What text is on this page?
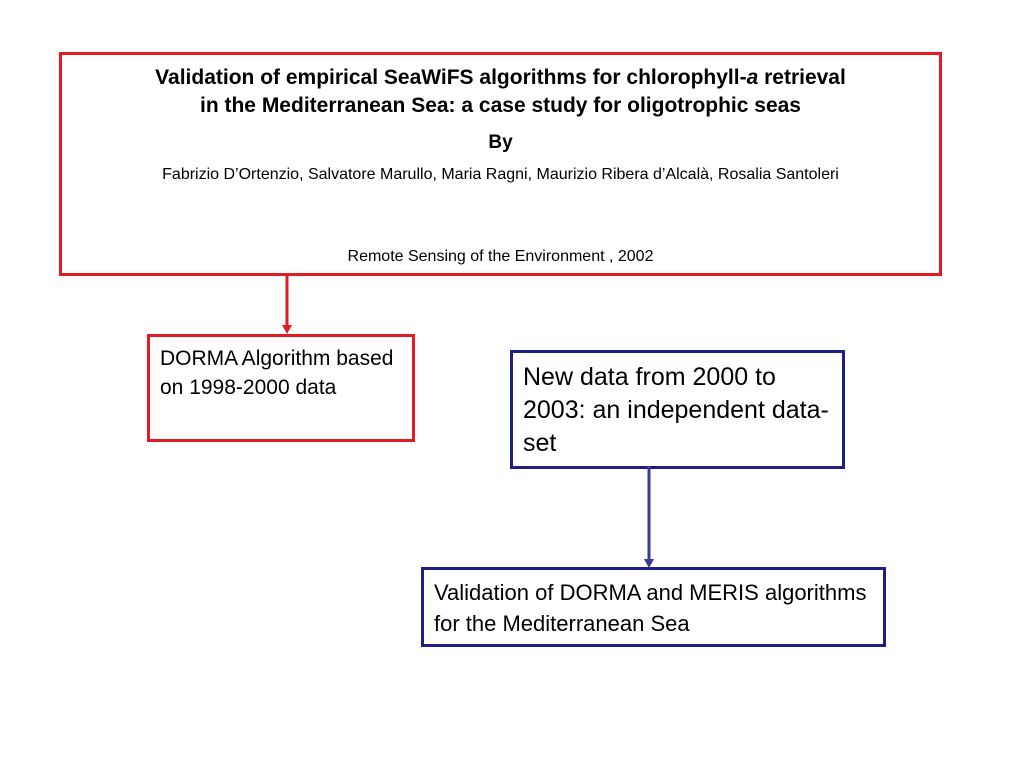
Validation of empirical SeaWiFS algorithms for chlorophyll-a retrieval
in the Mediterranean Sea: a case study for oligotrophic seas
By
Fabrizio D’Ortenzio, Salvatore Marullo, Maria Ragni, Maurizio Ribera d’Alcalà, Rosalia Santoleri
Remote Sensing of the Environment , 2002
DORMA Algorithm based on 1998-2000 data	New data from 2000 to 2003: an independent data-set
Validation of DORMA and MERIS algorithms for the Mediterranean Sea
